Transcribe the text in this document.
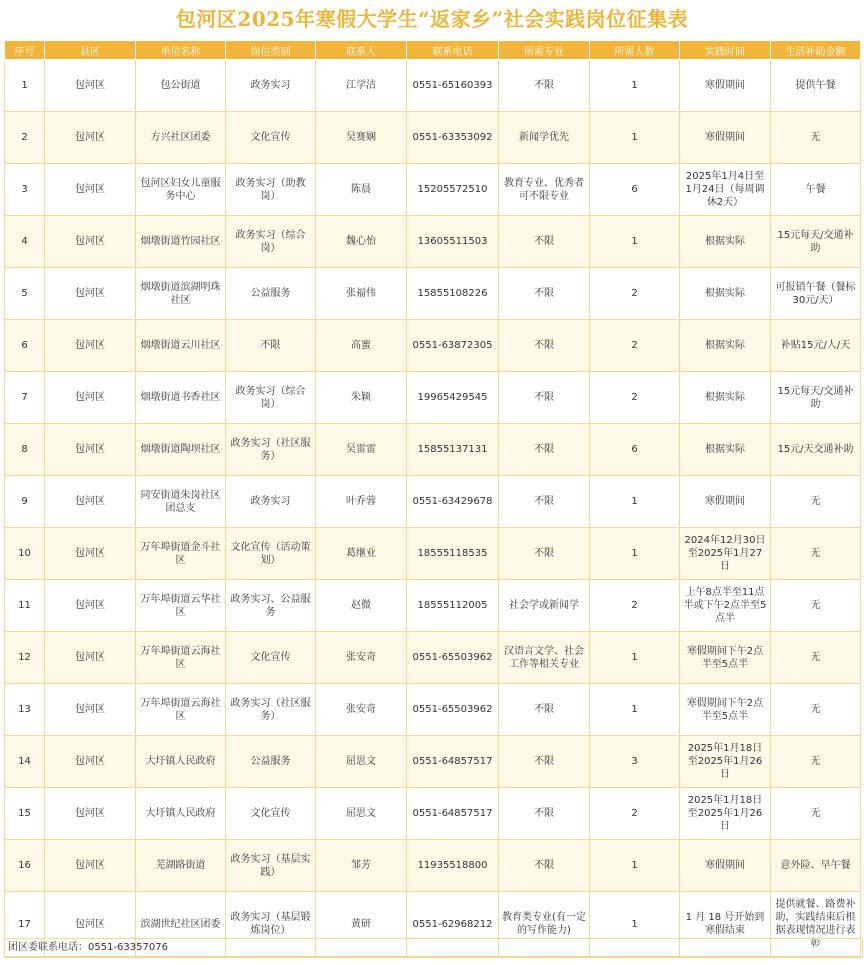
包河区2025年寒假大学生“返家乡”社会实践岗位征集表
序号	县区	单位名称	岗位类别	联系人	联系电话	所需专业	所需人数	实践时间	生活补助金额
1	包河区	包公街道	政务实习	江学洁	0551-65160393	不限	1	寒假期间	提供午餐
2	包河区	方兴社区团委	文化宣传	吴赛娴	0551-63353092	新闻学优先	1	寒假期间	无
3	包河区	包河区妇女儿童服务中心	政务实习（助教岗）	陈晨	15205572510	教育专业、优秀者可不限专业	6	2025年1月4日至1月24日（每周调休2天）	午餐
4	包河区	烟墩街道竹园社区	政务实习（综合岗）	魏心怡	13605511503	不限	1	根据实际	15元每天/交通补助
5	包河区	烟墩街道滨湖明珠社区	公益服务	张福伟	15855108226	不限	2	根据实际	可报销午餐（餐标30元/天）
6	包河区	烟墩街道云川社区	不限	高蜜	0551-63872305	不限	2	根据实际	补贴15元/人/天
7	包河区	烟墩街道书香社区	政务实习（综合岗）	朱颖	19965429545	不限	2	根据实际	15元每天/交通补助
8	包河区	烟墩街道陶坝社区	政务实习（社区服务）	吴雷雷	15855137131	不限	6	根据实际	15元/天交通补助
9	包河区	同安街道朱岗社区团总支	政务实习	叶乔蓉	0551-63429678	不限	1	寒假期间	无
10	包河区	万年埠街道金斗社区	文化宣传（活动策划）	葛继业	18555118535	不限	1	2024年12月30日至2025年1月27日	无
11	包河区	万年埠街道云华社区	政务实习、公益服务	赵微	18555112005	社会学或新闻学	2	上午8点半至11点半或下午2点半至5点半	无
12	包河区	万年埠街道云海社区	文化宣传	张安奇	0551-65503962	汉语言文学、社会工作等相关专业	1	寒假期间下午2点半至5点半	无
13	包河区	万年埠街道云海社区	政务实习（社区服务）	张安奇	0551-65503962	不限	1	寒假期间下午2点半至5点半	无
14	包河区	大圩镇人民政府	公益服务	屈思文	0551-64857517	不限	3	2025年1月18日至2025年1月26日	无
15	包河区	大圩镇人民政府	文化宣传	屈思文	0551-64857517	不限	2	2025年1月18日至2025年1月26日	无
16	包河区	芜湖路街道	政务实习（基层实践）	邹芳	11935518800	不限	1	寒假期间	意外险、早午餐
17	包河区	滨湖世纪社区团委	政务实习（基层锻炼岗位）	黄研	0551-62968212	教育类专业(有一定的写作能力)	1	1 月 18 号开始到寒假结束	提供就餐、路费补助，实践结束后根据表现情况进行表彰
团区委联系电话：0551-63357076
